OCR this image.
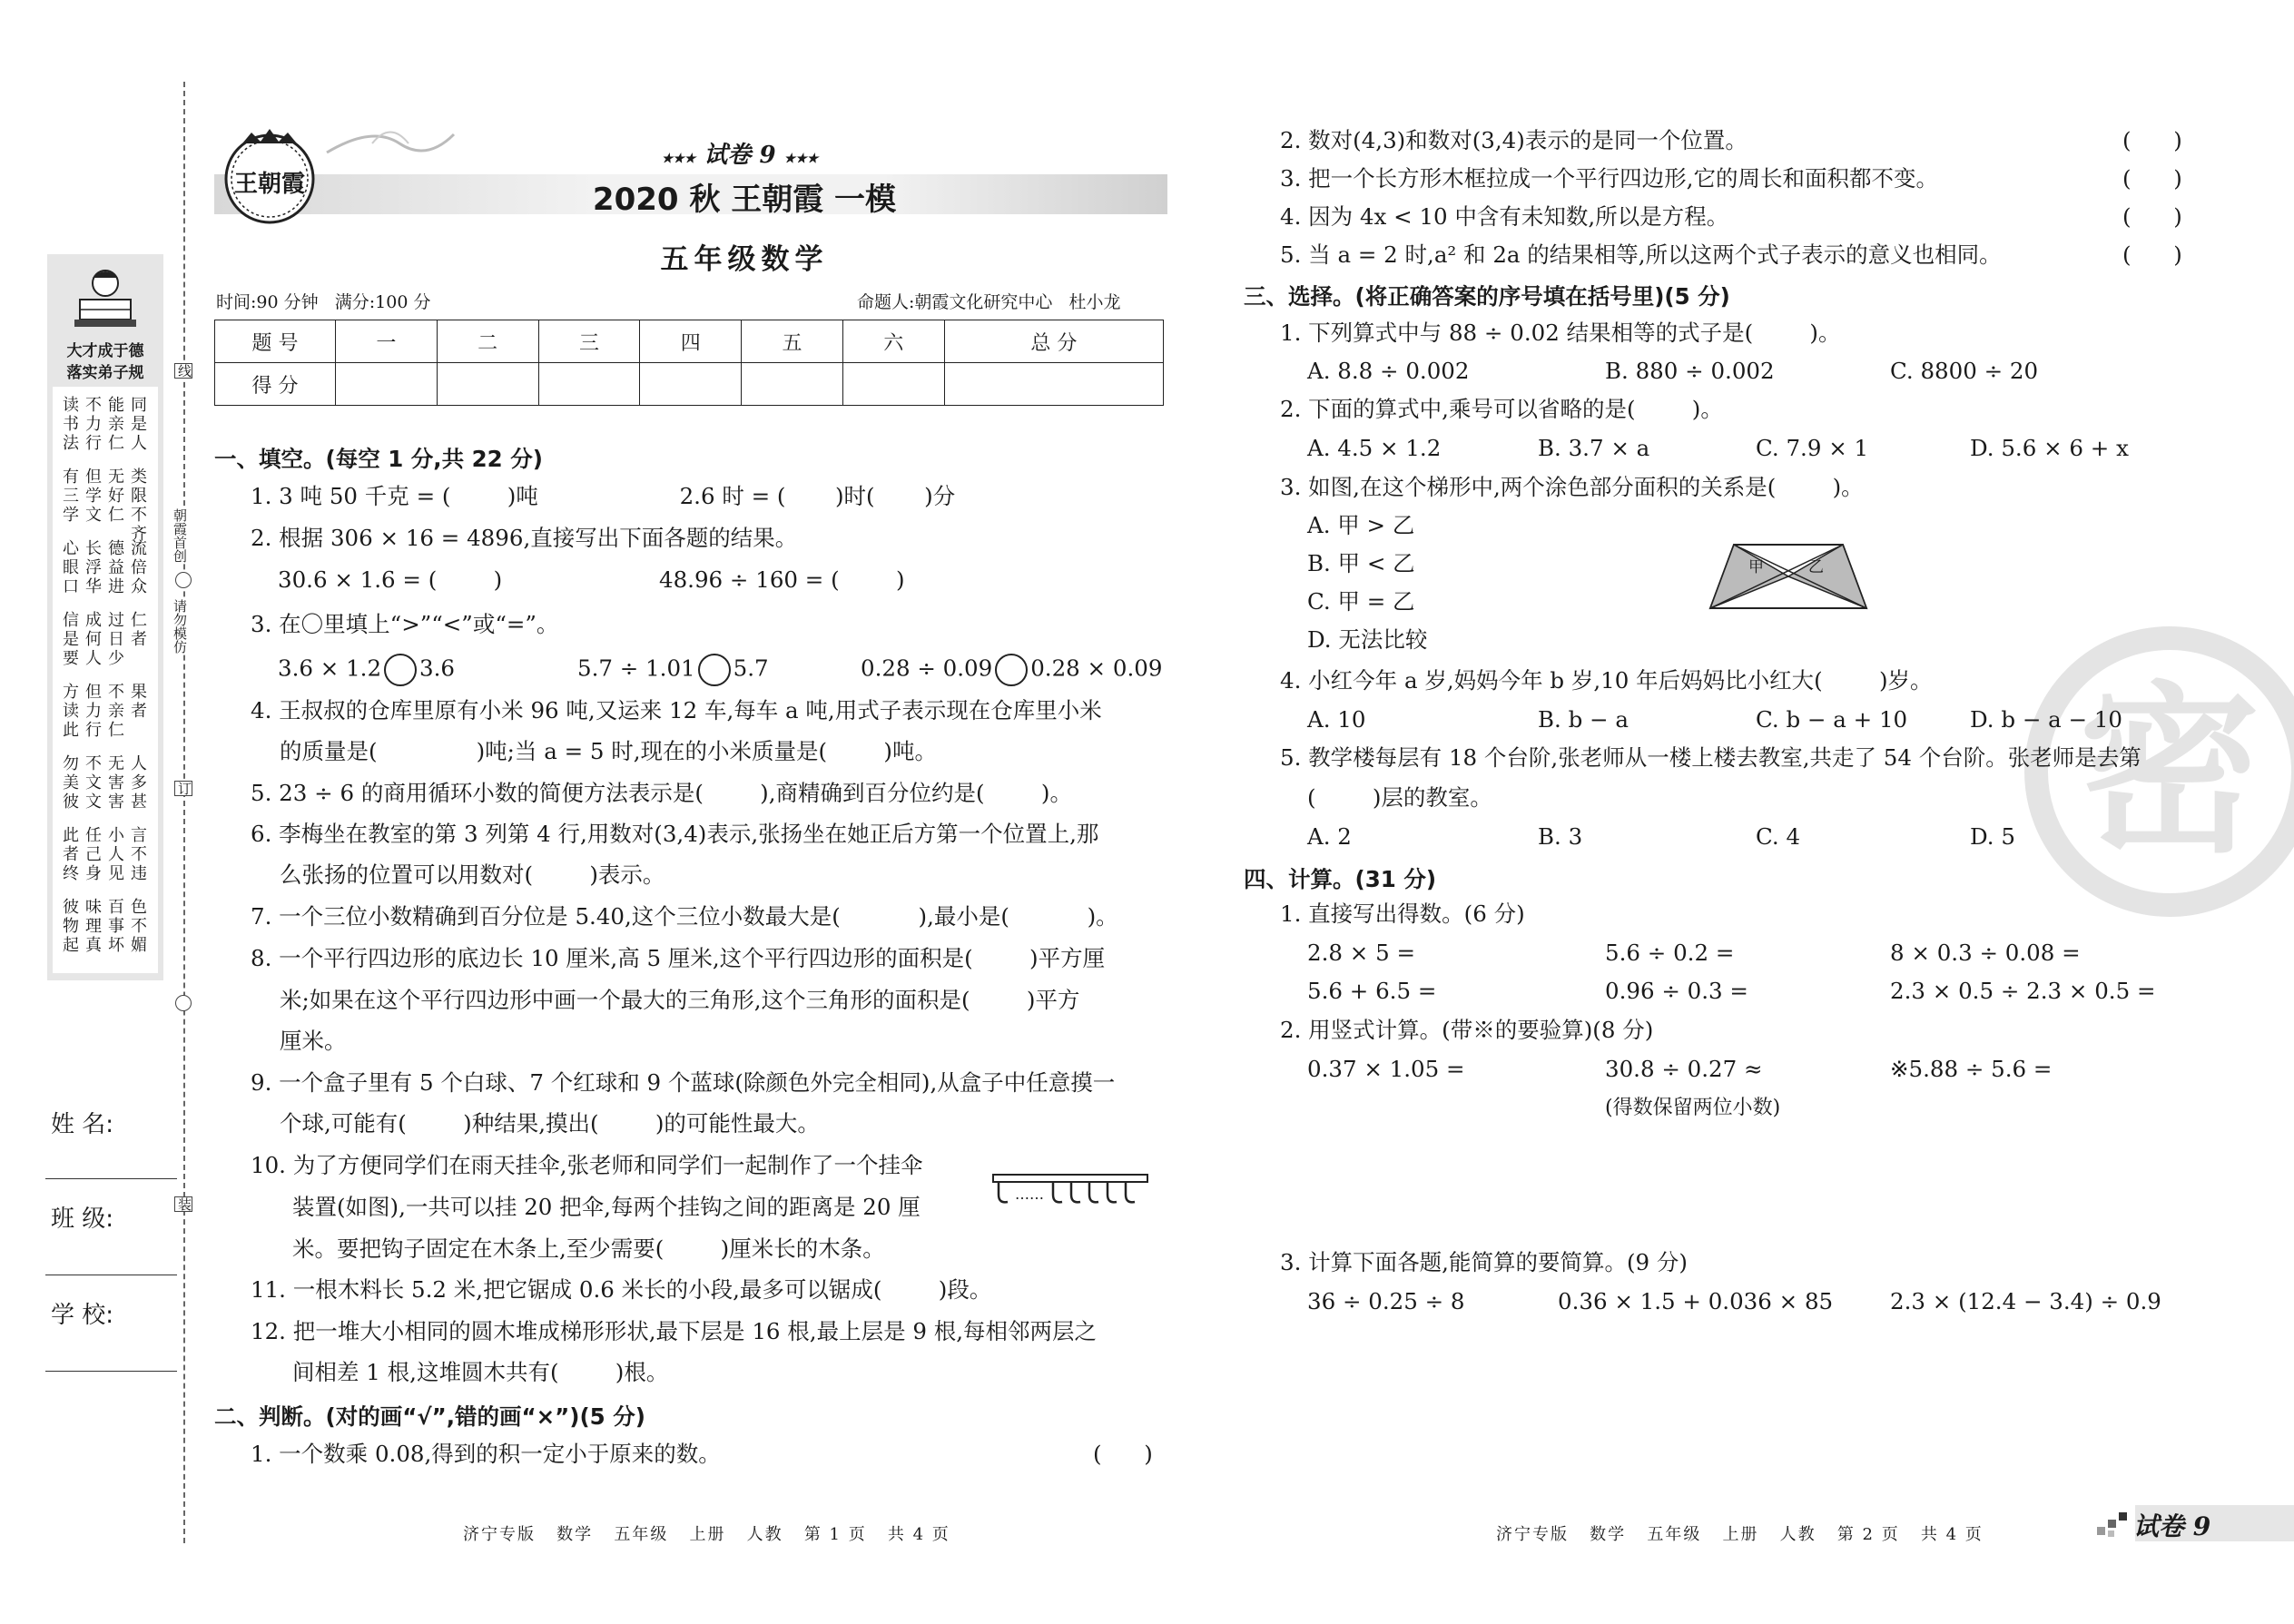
大才成于德
落实弟子规
读书法
不力行
能亲仁
同是人
有三学
但学文
无好仁
类限不齐
心眼口
长浮华
德益进
流倍众
信是要
成何人
过日少
仁者
方读此
但力行
不亲仁
果者
勿美彼
不文文
无害害
人多甚
此者终
任己身
小人见
言不违
彼物起
味理真
百事坏
色不媚
线
朝霞首创
请勿模仿
订
装
姓 名:
班 级:
学 校:
王朝霞
★★★ 试卷 9 ★★★
2020 秋 王朝霞 一模
五年级数学
时间:90 分钟   满分:100 分	命题人:朝霞文化研究中心   杜小龙
题 号	一	二	三	四	五	六	总 分
得 分							
一、填空。(每空 1 分,共 22 分)
1. 3 吨 50 千克 = (        )吨                    2.6 时 = (       )时(       )分
2. 根据 306 × 16 = 4896,直接写出下面各题的结果。
30.6 × 1.6 = (        )	48.96 ÷ 160 = (        )
3. 在〇里填上“>”“<”或“=”。
3.6 × 1.2 3.6	5.7 ÷ 1.01 5.7	0.28 ÷ 0.09 0.28 × 0.09
4. 王叔叔的仓库里原有小米 96 吨,又运来 12 车,每车 a 吨,用式子表示现在仓库里小米
的质量是(              )吨;当 a = 5 时,现在的小米质量是(        )吨。
5. 23 ÷ 6 的商用循环小数的简便方法表示是(        ),商精确到百分位约是(        )。
6. 李梅坐在教室的第 3 列第 4 行,用数对(3,4)表示,张扬坐在她正后方第一个位置上,那
么张扬的位置可以用数对(        )表示。
7. 一个三位小数精确到百分位是 5.40,这个三位小数最大是(           ),最小是(           )。
8. 一个平行四边形的底边长 10 厘米,高 5 厘米,这个平行四边形的面积是(        )平方厘
米;如果在这个平行四边形中画一个最大的三角形,这个三角形的面积是(        )平方
厘米。
9. 一个盒子里有 5 个白球、7 个红球和 9 个蓝球(除颜色外完全相同),从盒子中任意摸一
个球,可能有(        )种结果,摸出(        )的可能性最大。
10. 为了方便同学们在雨天挂伞,张老师和同学们一起制作了一个挂伞
装置(如图),一共可以挂 20 把伞,每两个挂钩之间的距离是 20 厘
米。要把钩子固定在木条上,至少需要(        )厘米长的木条。
……
11. 一根木料长 5.2 米,把它锯成 0.6 米长的小段,最多可以锯成(        )段。
12. 把一堆大小相同的圆木堆成梯形形状,最下层是 16 根,最上层是 9 根,每相邻两层之
间相差 1 根,这堆圆木共有(        )根。
二、判断。(对的画“√”,错的画“×”)(5 分)
1. 一个数乘 0.08,得到的积一定小于原来的数。	(      )
济宁专版   数学   五年级   上册   人教   第 1 页   共 4 页
密
2. 数对(4,3)和数对(3,4)表示的是同一个位置。	(      )
3. 把一个长方形木框拉成一个平行四边形,它的周长和面积都不变。	(      )
4. 因为 4x < 10 中含有未知数,所以是方程。	(      )
5. 当 a = 2 时,a² 和 2a 的结果相等,所以这两个式子表示的意义也相同。	(      )
三、选择。(将正确答案的序号填在括号里)(5 分)
1. 下列算式中与 88 ÷ 0.02 结果相等的式子是(        )。
A. 8.8 ÷ 0.002	B. 880 ÷ 0.002	C. 8800 ÷ 20
2. 下面的算式中,乘号可以省略的是(        )。
A. 4.5 × 1.2	B. 3.7 × a	C. 7.9 × 1	D. 5.6 × 6 + x
3. 如图,在这个梯形中,两个涂色部分面积的关系是(        )。
A. 甲 > 乙
B. 甲 < 乙
C. 甲 = 乙
D. 无法比较
甲	乙
4. 小红今年 a 岁,妈妈今年 b 岁,10 年后妈妈比小红大(        )岁。
A. 10	B. b − a	C. b − a + 10	D. b − a − 10
5. 教学楼每层有 18 个台阶,张老师从一楼上楼去教室,共走了 54 个台阶。张老师是去第
(        )层的教室。
A. 2	B. 3	C. 4	D. 5
四、计算。(31 分)
1. 直接写出得数。(6 分)
2.8 × 5 =	5.6 ÷ 0.2 =	8 × 0.3 ÷ 0.08 =
5.6 + 6.5 =	0.96 ÷ 0.3 =	2.3 × 0.5 ÷ 2.3 × 0.5 =
2. 用竖式计算。(带※的要验算)(8 分)
0.37 × 1.05 =	30.8 ÷ 0.27 ≈	※5.88 ÷ 5.6 =
(得数保留两位小数)
3. 计算下面各题,能简算的要简算。(9 分)
36 ÷ 0.25 ÷ 8	0.36 × 1.5 + 0.036 × 85	2.3 × (12.4 − 3.4) ÷ 0.9
济宁专版   数学   五年级   上册   人教   第 2 页   共 4 页	试卷 9
